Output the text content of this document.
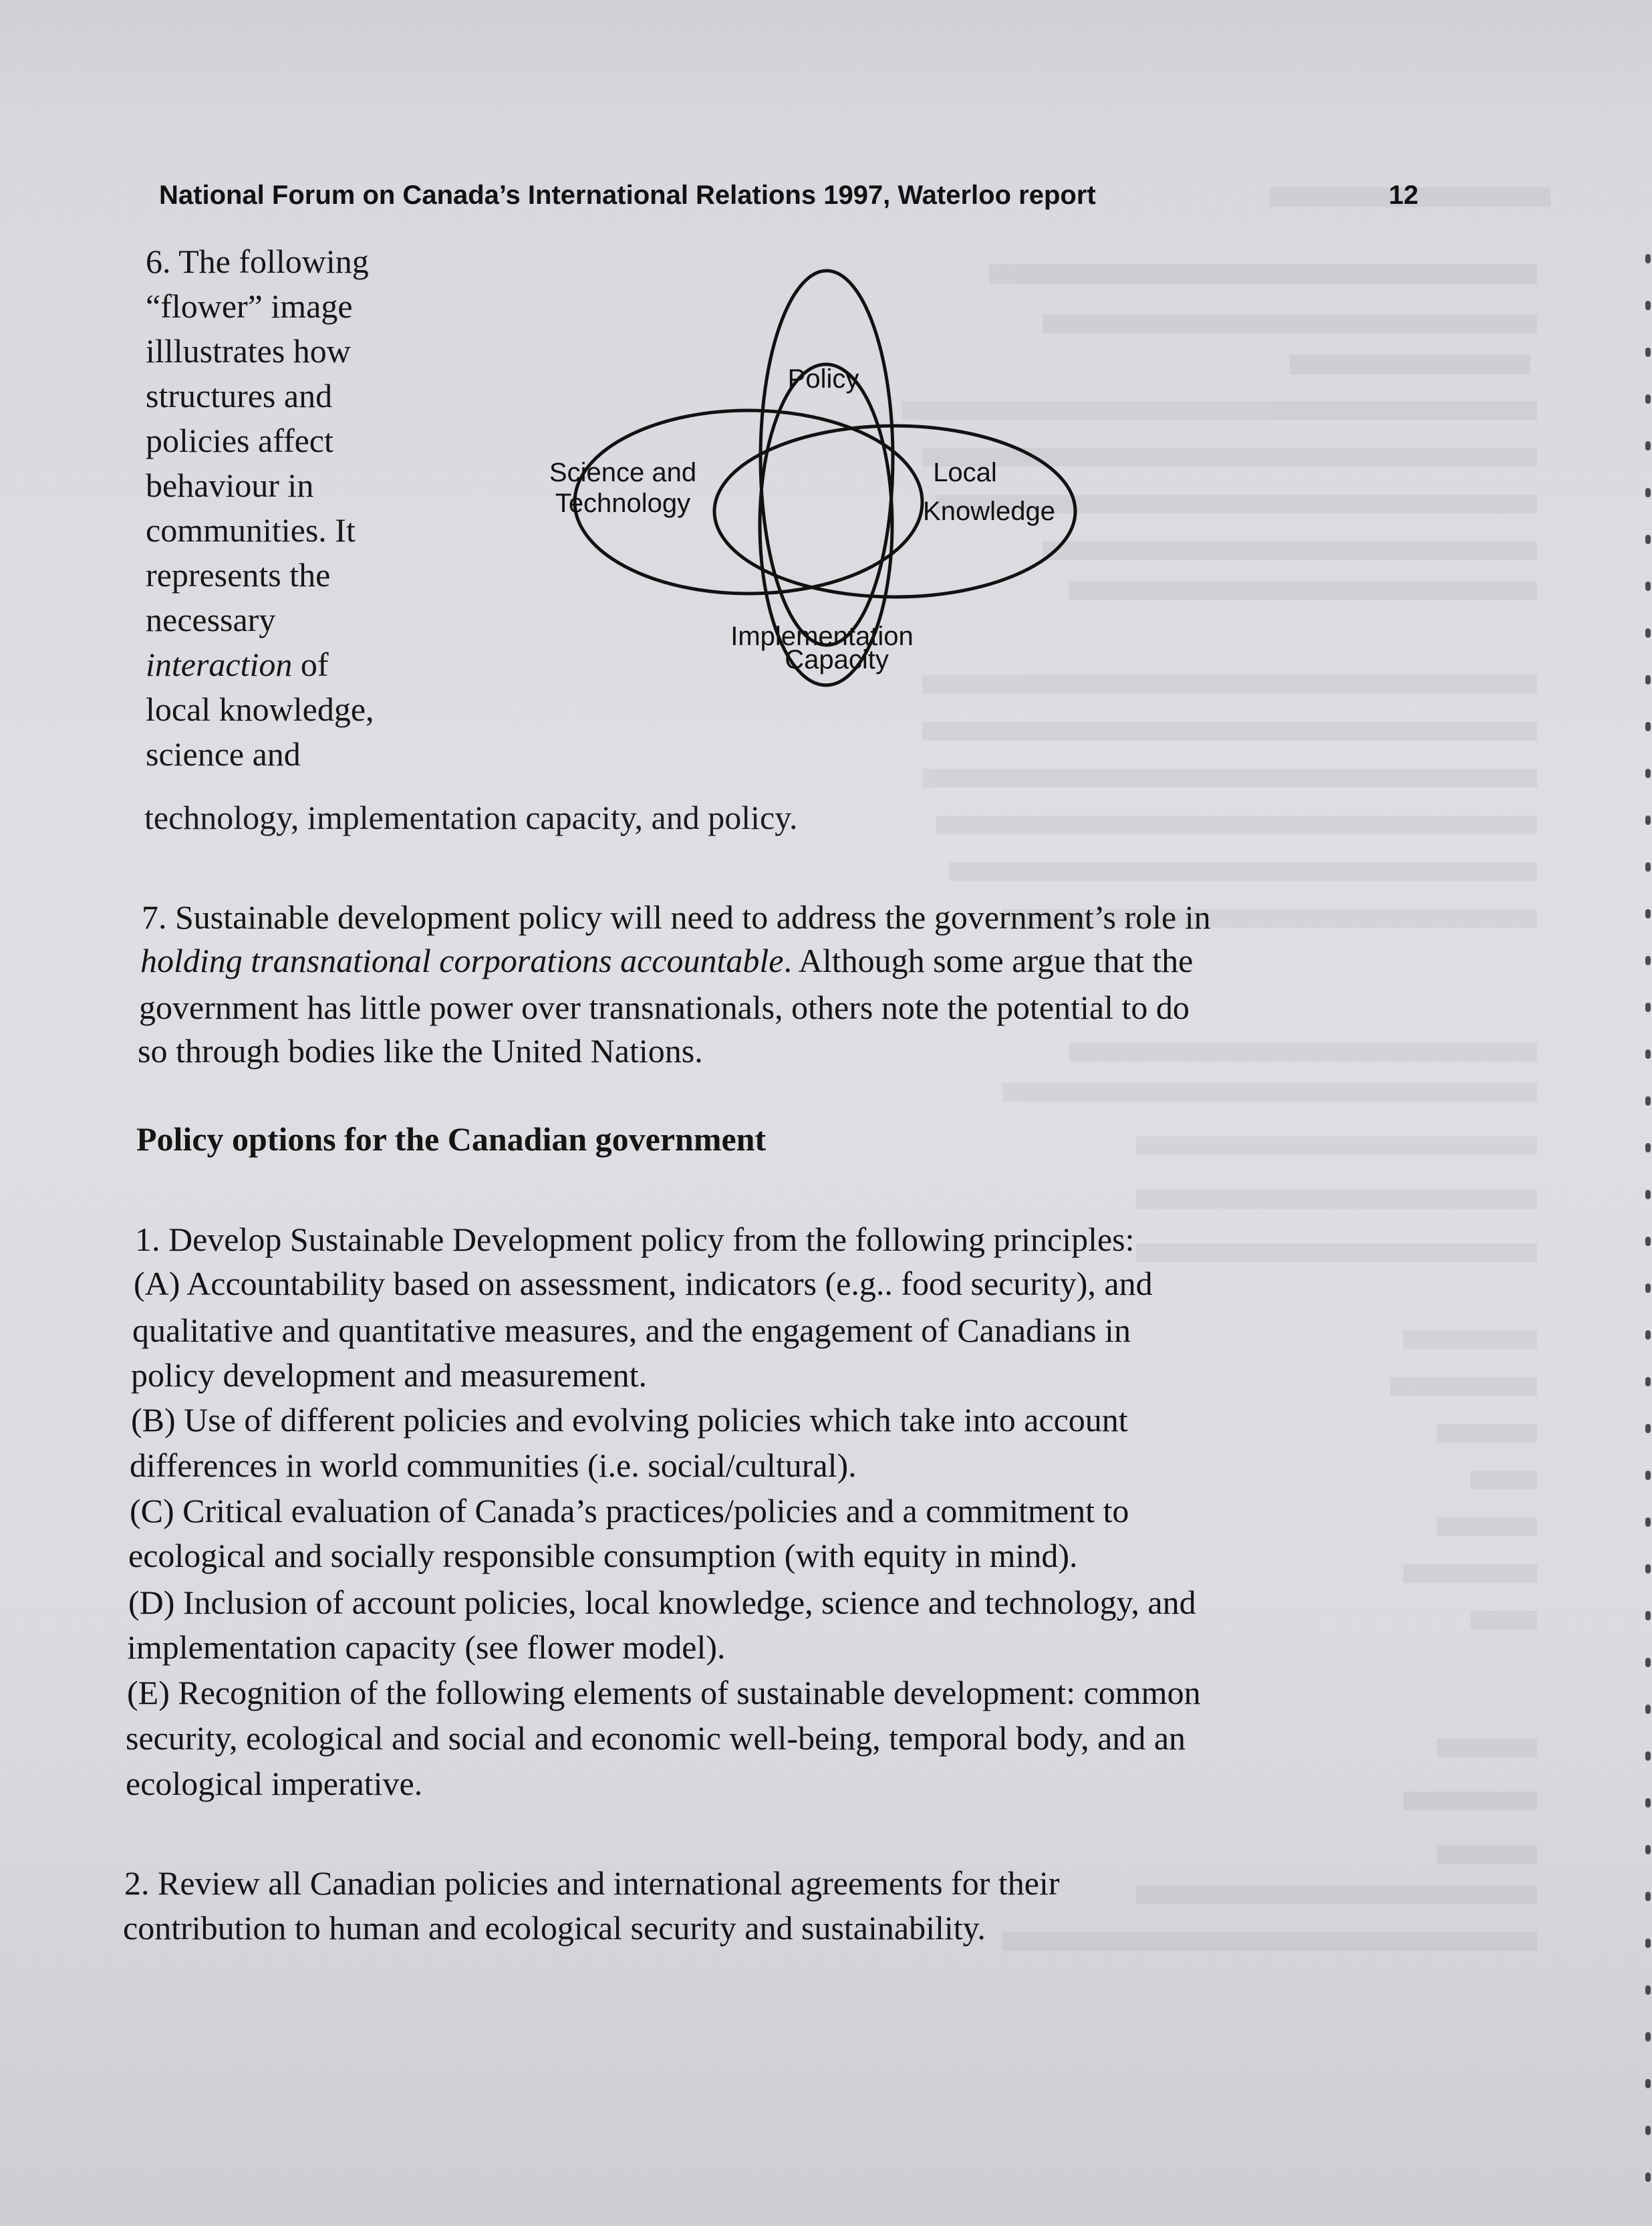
National Forum on Canada’s International Relations 1997, Waterloo report	12
6. The following
“flower” image
illlustrates how
structures and
policies affect
behaviour in
communities. It
represents the
necessary
interaction of
local knowledge,
science and
technology, implementation capacity, and policy.
Policy
Science and
Technology
Local
Knowledge
Implementation
Capacity
7. Sustainable development policy will need to address the government’s role in
holding transnational corporations accountable. Although some argue that the
government has little power over transnationals, others note the potential to do
so through bodies like the United Nations.
Policy options for the Canadian government
1. Develop Sustainable Development policy from the following principles:
(A) Accountability based on assessment, indicators (e.g.. food security), and
qualitative and quantitative measures, and the engagement of Canadians in
policy development and measurement.
(B) Use of different policies and evolving policies which take into account
differences in world communities (i.e. social/cultural).
(C) Critical evaluation of Canada’s practices/policies and a commitment to
ecological and socially responsible consumption (with equity in mind).
(D) Inclusion of account policies, local knowledge, science and technology, and
implementation capacity (see flower model).
(E) Recognition of the following elements of sustainable development: common
security, ecological and social and economic well-being, temporal body, and an
ecological imperative.
2. Review all Canadian policies and international agreements for their
contribution to human and ecological security and sustainability.
